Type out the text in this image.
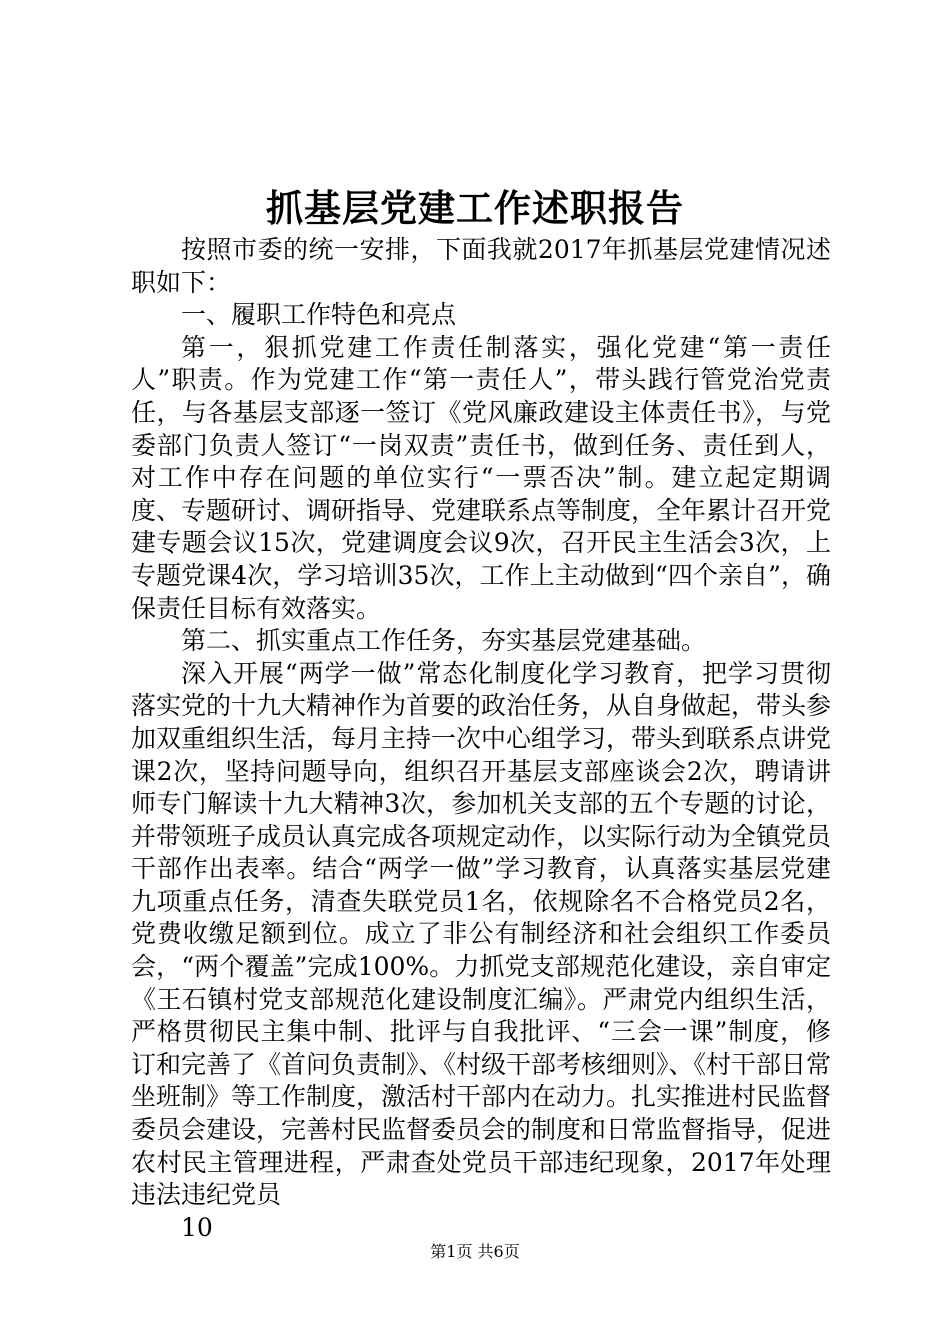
抓基层党建工作述职报告

按照市委的统一安排，下面我就2017年抓基层党建情况述职如下：

一、履职工作特色和亮点

第一，狠抓党建工作责任制落实，强化党建“第一责任人”职责。作为党建工作“第一责任人”，带头践行管党治党责任，与各基层支部逐一签订《党风廉政建设主体责任书》，与党委部门负责人签订“一岗双责”责任书，做到任务、责任到人，对工作中存在问题的单位实行“一票否决”制。建立起定期调度、专题研讨、调研指导、党建联系点等制度，全年累计召开党建专题会议15次，党建调度会议9次，召开民主生活会3次，上专题党课4次，学习培训35次，工作上主动做到“四个亲自”，确保责任目标有效落实。

第二、抓实重点工作任务，夯实基层党建基础。

深入开展“两学一做”常态化制度化学习教育，把学习贯彻落实党的十九大精神作为首要的政治任务，从自身做起，带头参加双重组织生活，每月主持一次中心组学习，带头到联系点讲党课2次，坚持问题导向，组织召开基层支部座谈会2次，聘请讲师专门解读十九大精神3次，参加机关支部的五个专题的讨论，并带领班子成员认真完成各项规定动作，以实际行动为全镇党员干部作出表率。结合“两学一做”学习教育，认真落实基层党建九项重点任务，清查失联党员1名，依规除名不合格党员2名，党费收缴足额到位。成立了非公有制经济和社会组织工作委员会，“两个覆盖”完成100%。力抓党支部规范化建设，亲自审定《王石镇村党支部规范化建设制度汇编》。严肃党内组织生活，严格贯彻民主集中制、批评与自我批评、“三会一课”制度，修订和完善了《首问负责制》、《村级干部考核细则》、《村干部日常坐班制》等工作制度，激活村干部内在动力。扎实推进村民监督委员会建设，完善村民监督委员会的制度和日常监督指导，促进农村民主管理进程，严肃查处党员干部违纪现象，2017年处理违法违纪党员

10

第1页 共6页
